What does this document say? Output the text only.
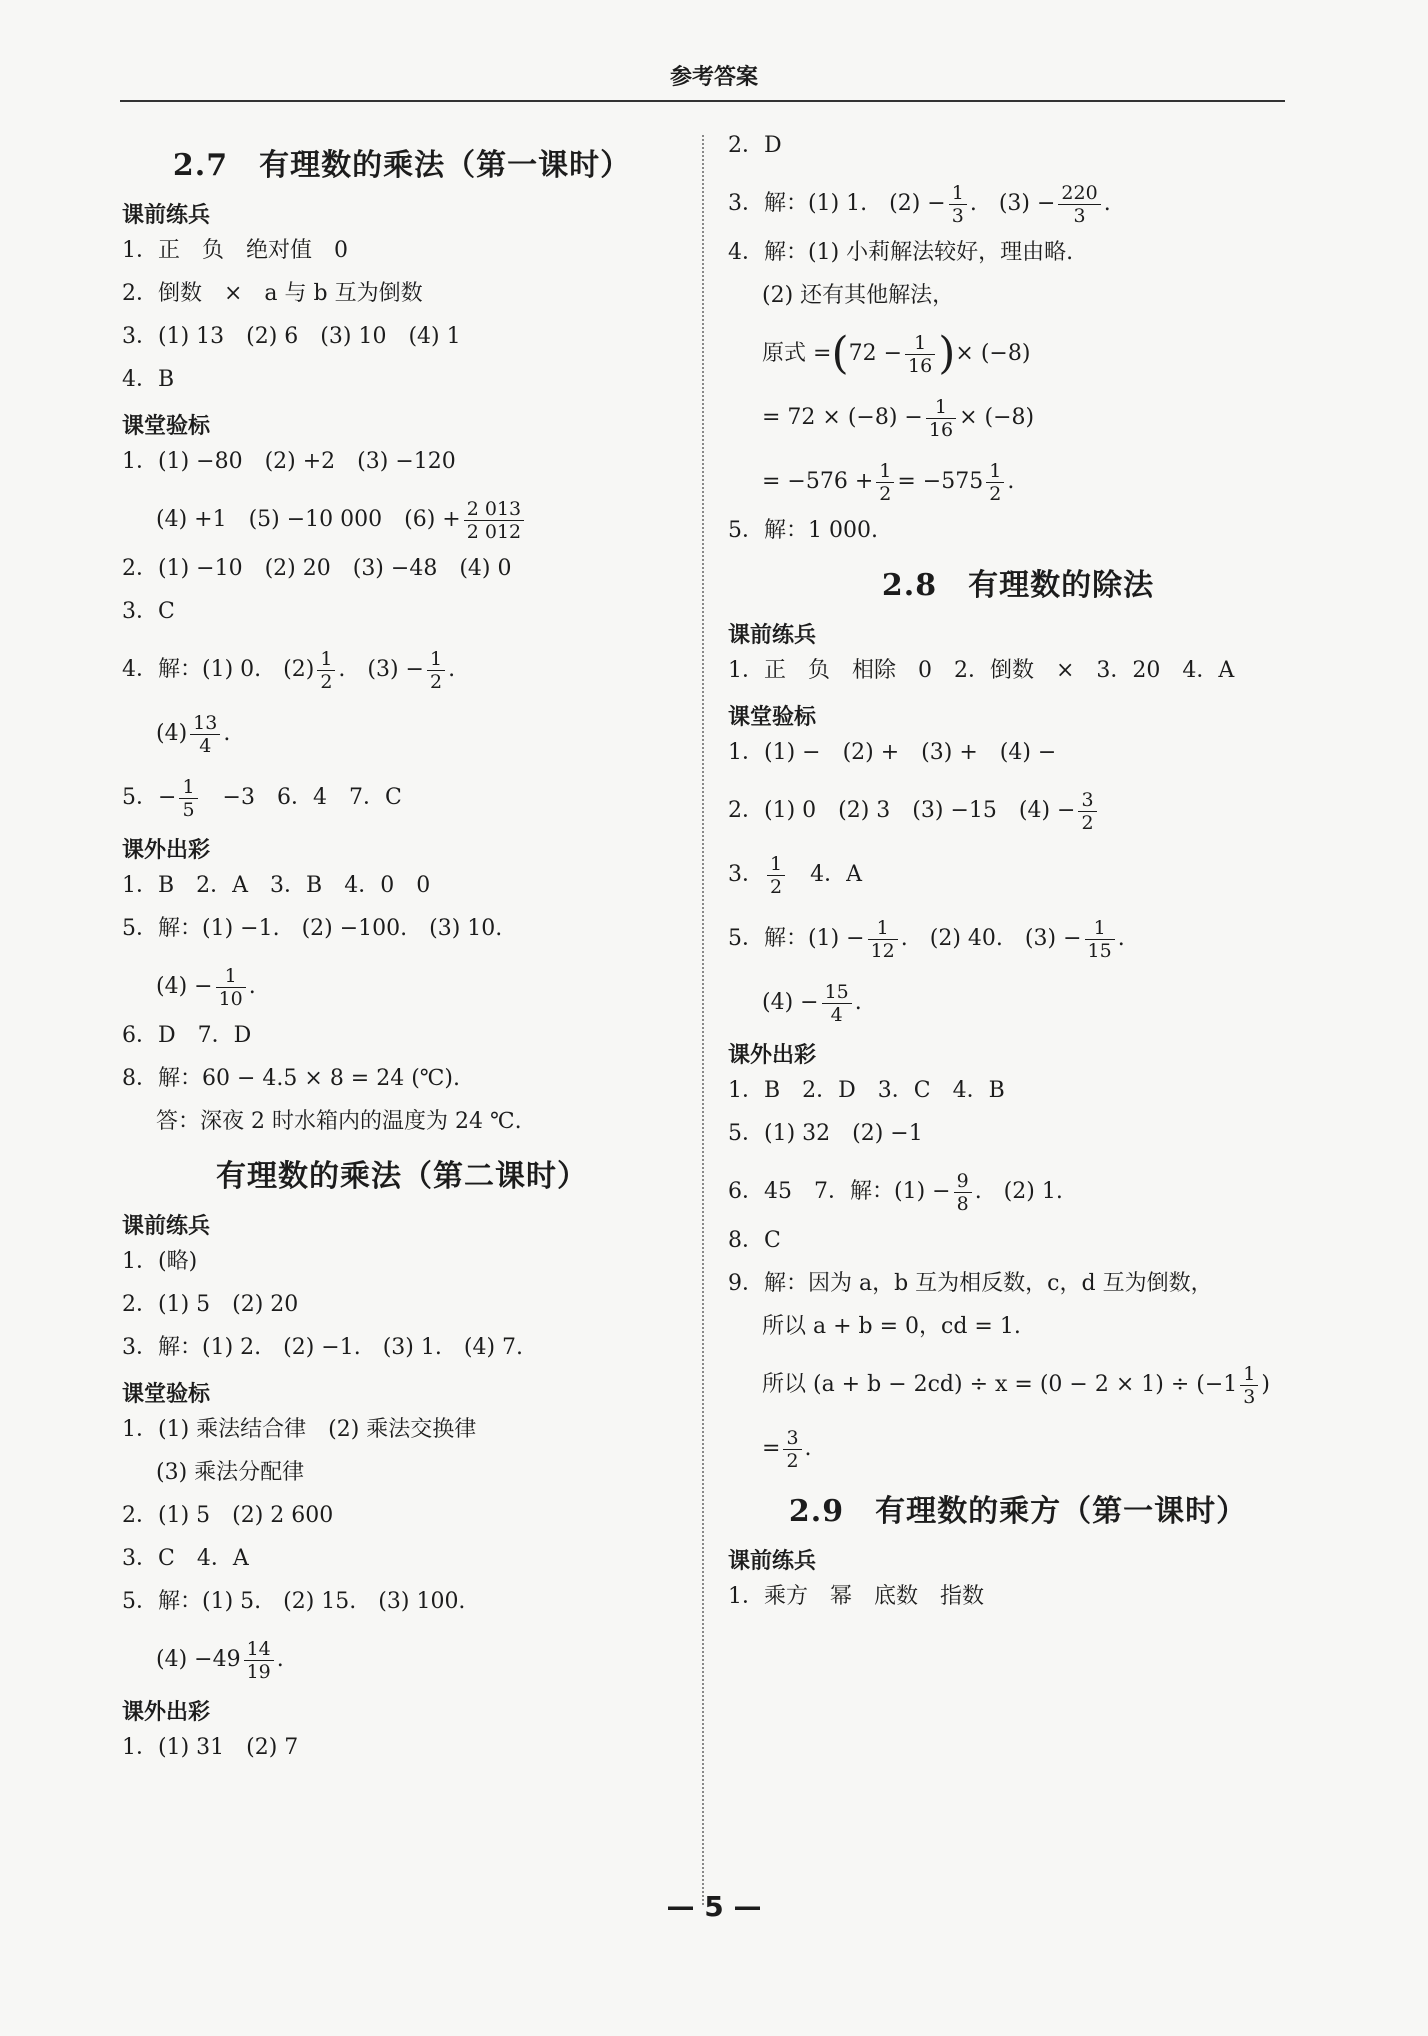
参考答案
2.7　有理数的乘法（第一课时）
课前练兵
1．正　负　绝对值　0
2．倒数　×　a 与 b 互为倒数
3．(1) 13　(2) 6　(3) 10　(4) 1
4．B
课堂验标
1．(1) −80　(2) +2　(3) −120
(4) +1　(5) −10 000　$(6) + \frac{2 013}{2 012}$
2．(1) −10　(2) 20　(3) −48　(4) 0
3．C
4．解：(1) 0.　$(2) \frac{1}{2}$ .　$(3) - \frac{1}{2}$ .
$(4) \frac{13}{4}$ .
5．− $\frac{1}{5}$ 　−3　6．4　7．C
课外出彩
1．B　2．A　3．B　4．0　0
5．解：(1) −1.　(2) −100.　(3) 10.
$(4) - \frac{1}{10}$ .
6．D　7．D
8．解：60 − 4.5 × 8 = 24 (℃).
答：深夜 2 时水箱内的温度为 24 ℃.
有理数的乘法（第二课时）
课前练兵
1．(略)
2．(1) 5　(2) 20
3．解：(1) 2.　(2) −1.　(3) 1.　(4) 7.
课堂验标
1．(1) 乘法结合律　(2) 乘法交换律
(3) 乘法分配律
2．(1) 5　(2) 2 600
3．C　4．A
5．解：(1) 5.　(2) 15.　(3) 100.
$(4) -49 \frac{14}{19}$ .
课外出彩
1．(1) 31　(2) 7
2．D
3．解：(1) 1.　$(2) - \frac{1}{3}$ .　$(3) - \frac{220}{3}$ .
4．解：(1) 小莉解法较好，理由略.
(2) 还有其他解法，
原式 $=(72 - \frac{1}{16}$ )× (−8)
= $72 \times (-8) - \frac{1}{16} \times (-8)$
= $-576 + \frac{1}{2} = -575 \frac{1}{2}$ .
5．解：1 000.
2.8　有理数的除法
课前练兵
1．正　负　相除　0　2．倒数　×　3．20　4．A
课堂验标
1．(1) −　(2) +　(3) +　(4) −
2．(1) 0　(2) 3　(3) −15　$(4) - \frac{3}{2}$
3． $\frac{1}{2}$ 　4．A
5．解：$(1) - \frac{1}{12}$ .　(2) 40.　$(3) - \frac{1}{15}$ .
$(4) - \frac{15}{4}$ .
课外出彩
1．B　2．D　3．C　4．B
5．(1) 32　(2) −1
6．45　7．解：$(1) - \frac{9}{8}$ .　(2) 1.
8．C
9．解：因为 a，b 互为相反数，c，d 互为倒数，
所以 a + b = 0，cd = 1.
所以 $(a + b - 2cd) \div x = (0 - 2 \times 1) \div (-1 \frac{1}{3}$ )
= $\frac{3}{2}$ .
2.9　有理数的乘方（第一课时）
课前练兵
1．乘方　幂　底数　指数
— 5 —
